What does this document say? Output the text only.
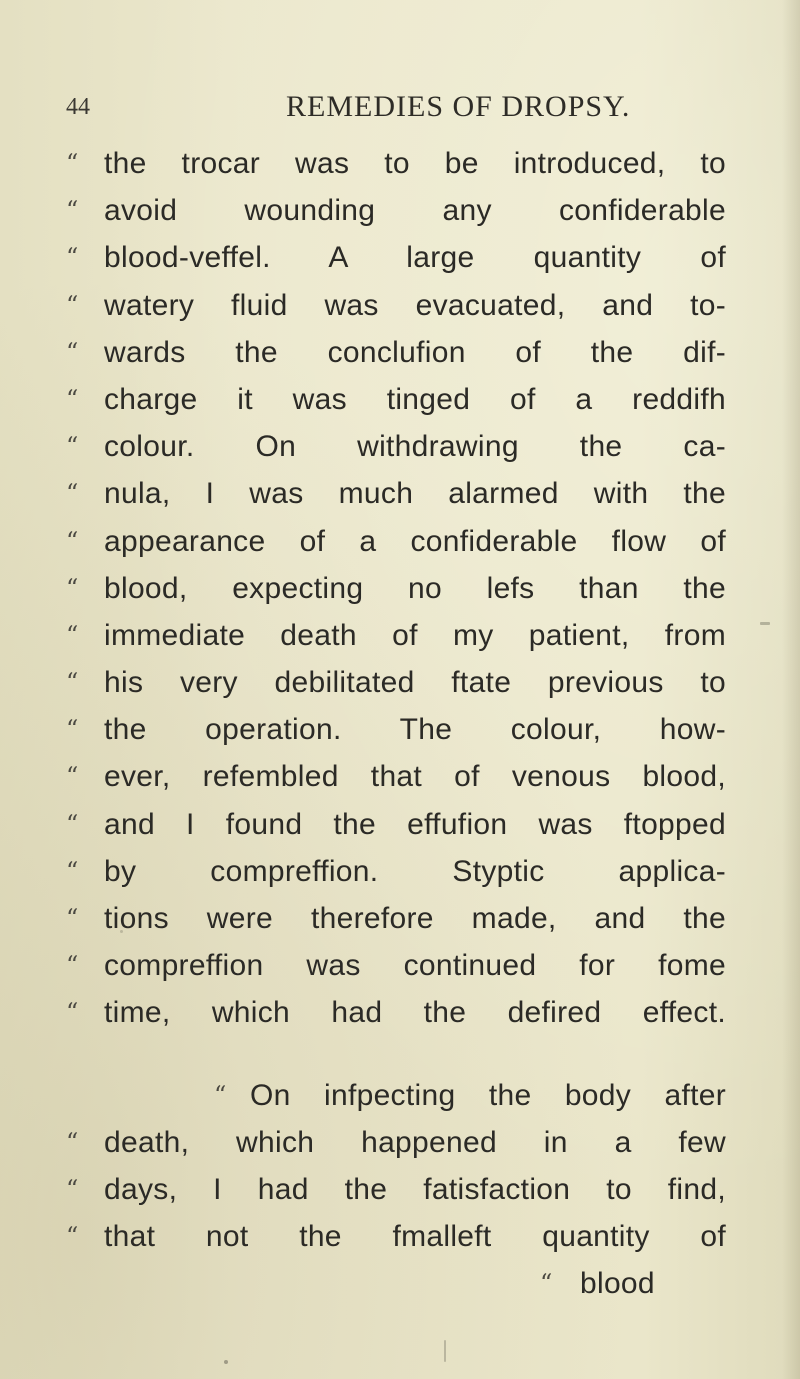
44	REMEDIES OF DROPSY.
“ the trocar was to be introduced, to
“ avoid wounding any confiderable
“ blood-veffel. A large quantity of
“ watery fluid was evacuated, and to-
“ wards the conclufion of the dif-
“ charge it was tinged of a reddifh
“ colour. On withdrawing the ca-
“ nula, I was much alarmed with the
“ appearance of a confiderable flow of
“ blood, expecting no lefs than the
“ immediate death of my patient, from
“ his very debilitated ftate previous to
“ the operation. The colour, how-
“ ever, refembled that of venous blood,
“ and I found the effufion was ftopped
“ by compreffion. Styptic applica-
“ tions were therefore made, and the
“ compreffion was continued for fome
“ time, which had the defired effect.
“ On infpecting the body after
“ death, which happened in a few
“ days, I had the fatisfaction to find,
“ that not the fmalleft quantity of
“ blood
